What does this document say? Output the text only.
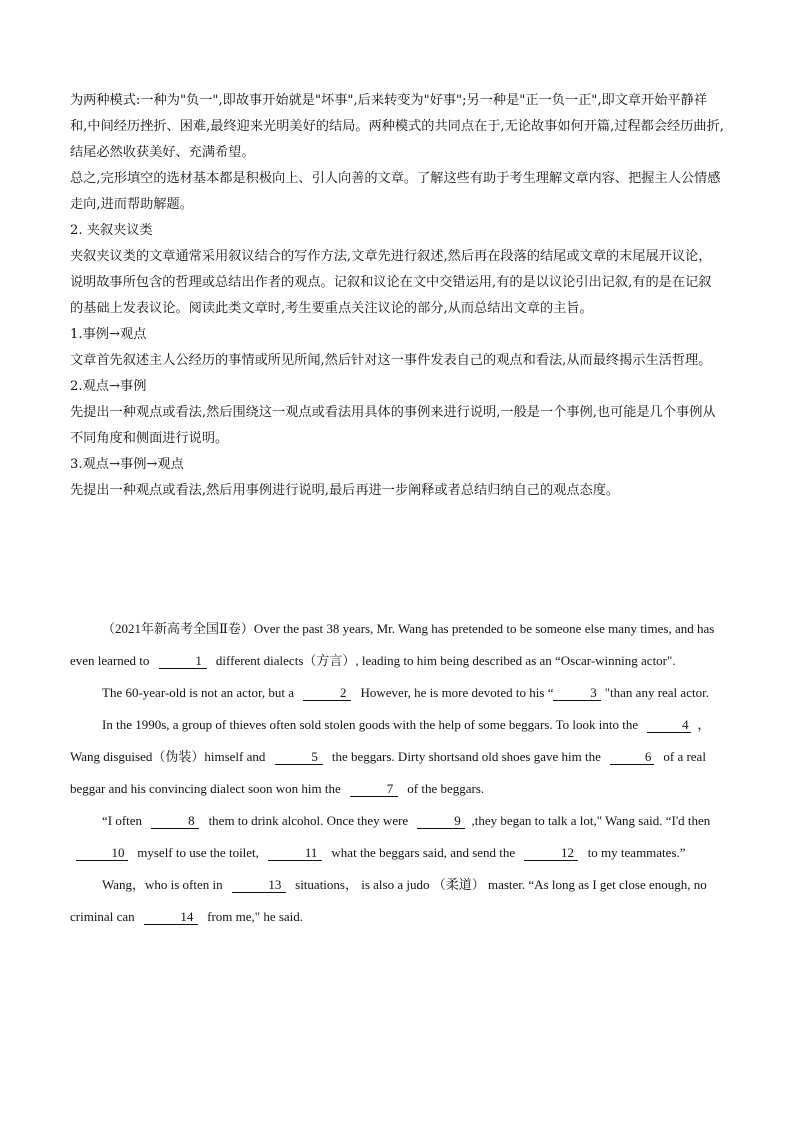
为两种模式:一种为"负一",即故事开始就是"坏事",后来转变为"好事";另一种是"正一负一正",即文章开始平静祥和,中间经历挫折、困难,最终迎来光明美好的结局。两种模式的共同点在于,无论故事如何开篇,过程都会经历曲折,结尾必然收获美好、充满希望。

总之,完形填空的选材基本都是积极向上、引人向善的文章。了解这些有助于考生理解文章内容、把握主人公情感走向,进而帮助解题。

2. 夹叙夹议类

夹叙夹议类的文章通常采用叙议结合的写作方法,文章先进行叙述,然后再在段落的结尾或文章的末尾展开议论，说明故事所包含的哲理或总结出作者的观点。记叙和议论在文中交错运用,有的是以议论引出记叙,有的是在记叙的基础上发表议论。阅读此类文章时,考生要重点关注议论的部分,从而总结出文章的主旨。

1.事例→观点

文章首先叙述主人公经历的事情或所见所闻,然后针对这一事件发表自己的观点和看法,从而最终揭示生活哲理。

2.观点→事例

先提出一种观点或看法,然后围绕这一观点或看法用具体的事例来进行说明,一般是一个事例,也可能是几个事例从不同角度和侧面进行说明。

3.观点→事例→观点

先提出一种观点或看法,然后用事例进行说明,最后再进一步阐释或者总结归纳自己的观点态度。

（2021年新高考全国Ⅱ卷）Over the past 38 years, Mr. Wang has pretended to be someone else many times, and has even learned to	1 different dialects（方言）, leading to him being described as an “Oscar-winning actor".

The 60-year-old is not an actor, but a	2 However, he is more devoted to his “	3 "than any real actor.

In the 1990s, a group of thieves often sold stolen goods with the help of some beggars. To look into the	4 ，Wang disguised（伪装）himself and	5 the beggars. Dirty shortsand old shoes gave him the	6 of a real beggar and his convincing dialect soon won him the	7 of the beggars.

“I often	8 them to drink alcohol. Once they were	9 ,they began to talk a lot," Wang said. “I'd then 10 myself to use the toilet,	11 what the beggars said, and send the	12 to my teammates.”

Wang，who is often in	13 situations， is also a judo （柔道） master. “As long as I get close enough, no criminal can	14 from me," he said.
